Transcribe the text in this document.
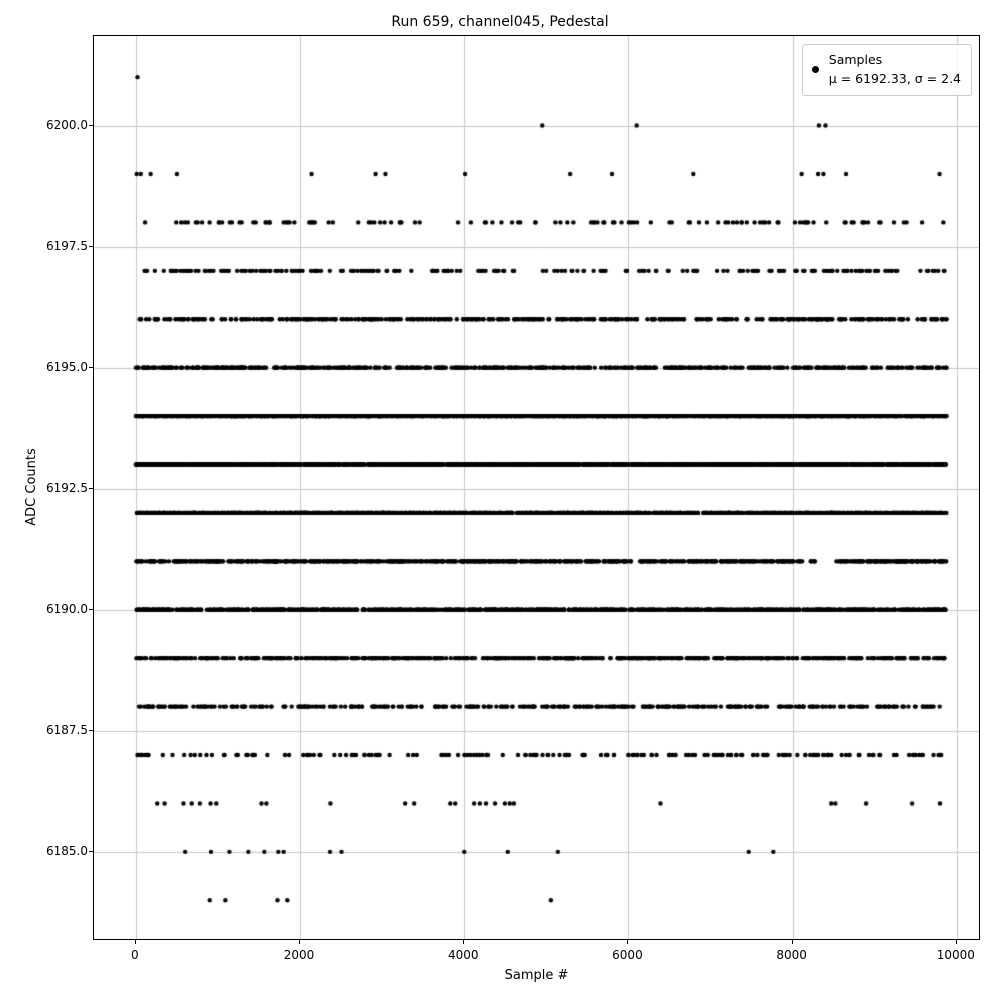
Run 659, channel045, Pedestal
Samples
μ = 6192.33, σ = 2.4
0	2000	4000	6000	8000	10000
6200.0
6197.5
6195.0
6192.5
6190.0
6187.5
6185.0
Sample #
ADC Counts
